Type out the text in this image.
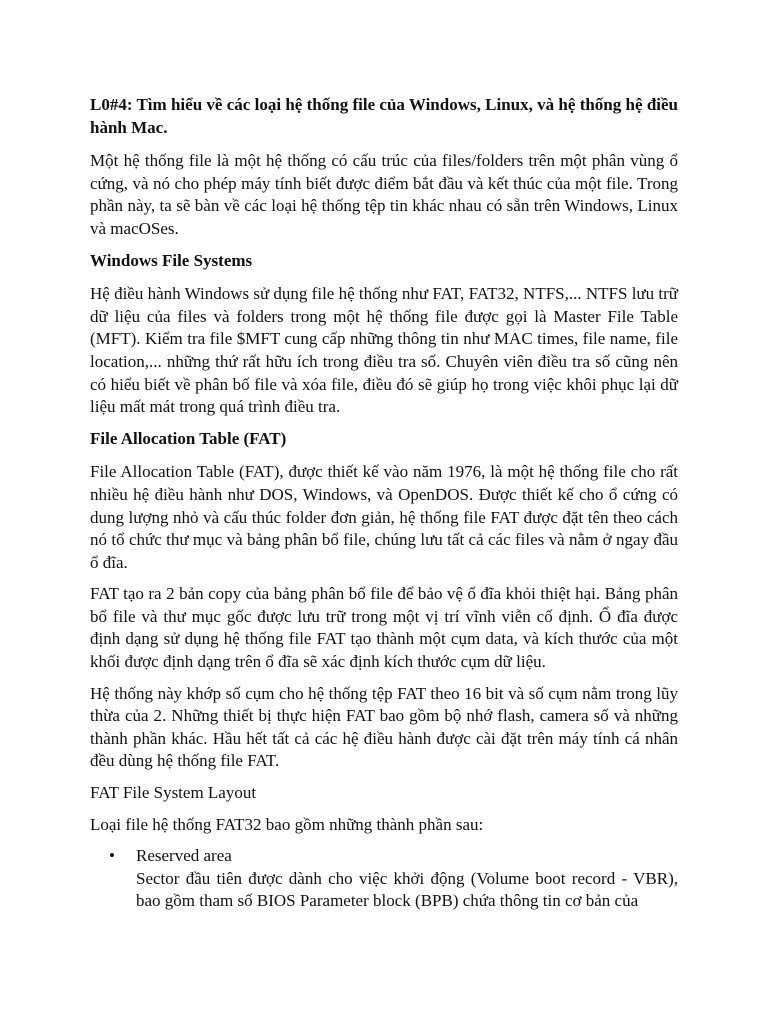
L0#4: Tìm hiểu về các loại hệ thống file của Windows, Linux, và hệ thống hệ điều hành Mac.

Một hệ thống file là một hệ thống có cấu trúc của files/folders trên một phân vùng ổ cứng, và nó cho phép máy tính biết được điểm bắt đầu và kết thúc của một file. Trong phần này, ta sẽ bàn về các loại hệ thống tệp tin khác nhau có sẵn trên Windows, Linux và macOSes.

Windows File Systems

Hệ điều hành Windows sử dụng file hệ thống như FAT, FAT32, NTFS,... NTFS lưu trữ dữ liệu của files và folders trong một hệ thống file được gọi là Master File Table (MFT). Kiểm tra file $MFT cung cấp những thông tin như MAC times, file name, file location,... những thứ rất hữu ích trong điều tra số. Chuyên viên điều tra số cũng nên có hiểu biết về phân bố file và xóa file, điều đó sẽ giúp họ trong việc khôi phục lại dữ liệu mất mát trong quá trình điều tra.

File Allocation Table (FAT)

File Allocation Table (FAT), được thiết kế vào năm 1976, là một hệ thống file cho rất nhiều hệ điều hành như DOS, Windows, và OpenDOS. Được thiết kế cho ổ cứng có dung lượng nhỏ và cấu thúc folder đơn giản, hệ thống file FAT được đặt tên theo cách nó tổ chức thư mục và bảng phân bổ file, chúng lưu tất cả các files và nằm ở ngay đầu ổ đĩa.

FAT tạo ra 2 bản copy của bảng phân bổ file để bảo vệ ổ đĩa khỏi thiệt hại. Bảng phân bổ file và thư mục gốc được lưu trữ trong một vị trí vĩnh viễn cố định. Ổ đĩa được định dạng sử dụng hệ thống file FAT tạo thành một cụm data, và kích thước của một khối được định dạng trên ổ đĩa sẽ xác định kích thước cụm dữ liệu.

Hệ thống này khớp số cụm cho hệ thống tệp FAT theo 16 bit và số cụm nằm trong lũy thừa của 2. Những thiết bị thực hiện FAT bao gồm bộ nhớ flash, camera số và những thành phần khác. Hầu hết tất cả các hệ điều hành được cài đặt trên máy tính cá nhân đều dùng hệ thống file FAT.

FAT File System Layout

Loại file hệ thống FAT32 bao gồm những thành phần sau:

• Reserved area
Sector đầu tiên được dành cho việc khởi động (Volume boot record - VBR), bao gồm tham số BIOS Parameter block (BPB) chứa thông tin cơ bản của
